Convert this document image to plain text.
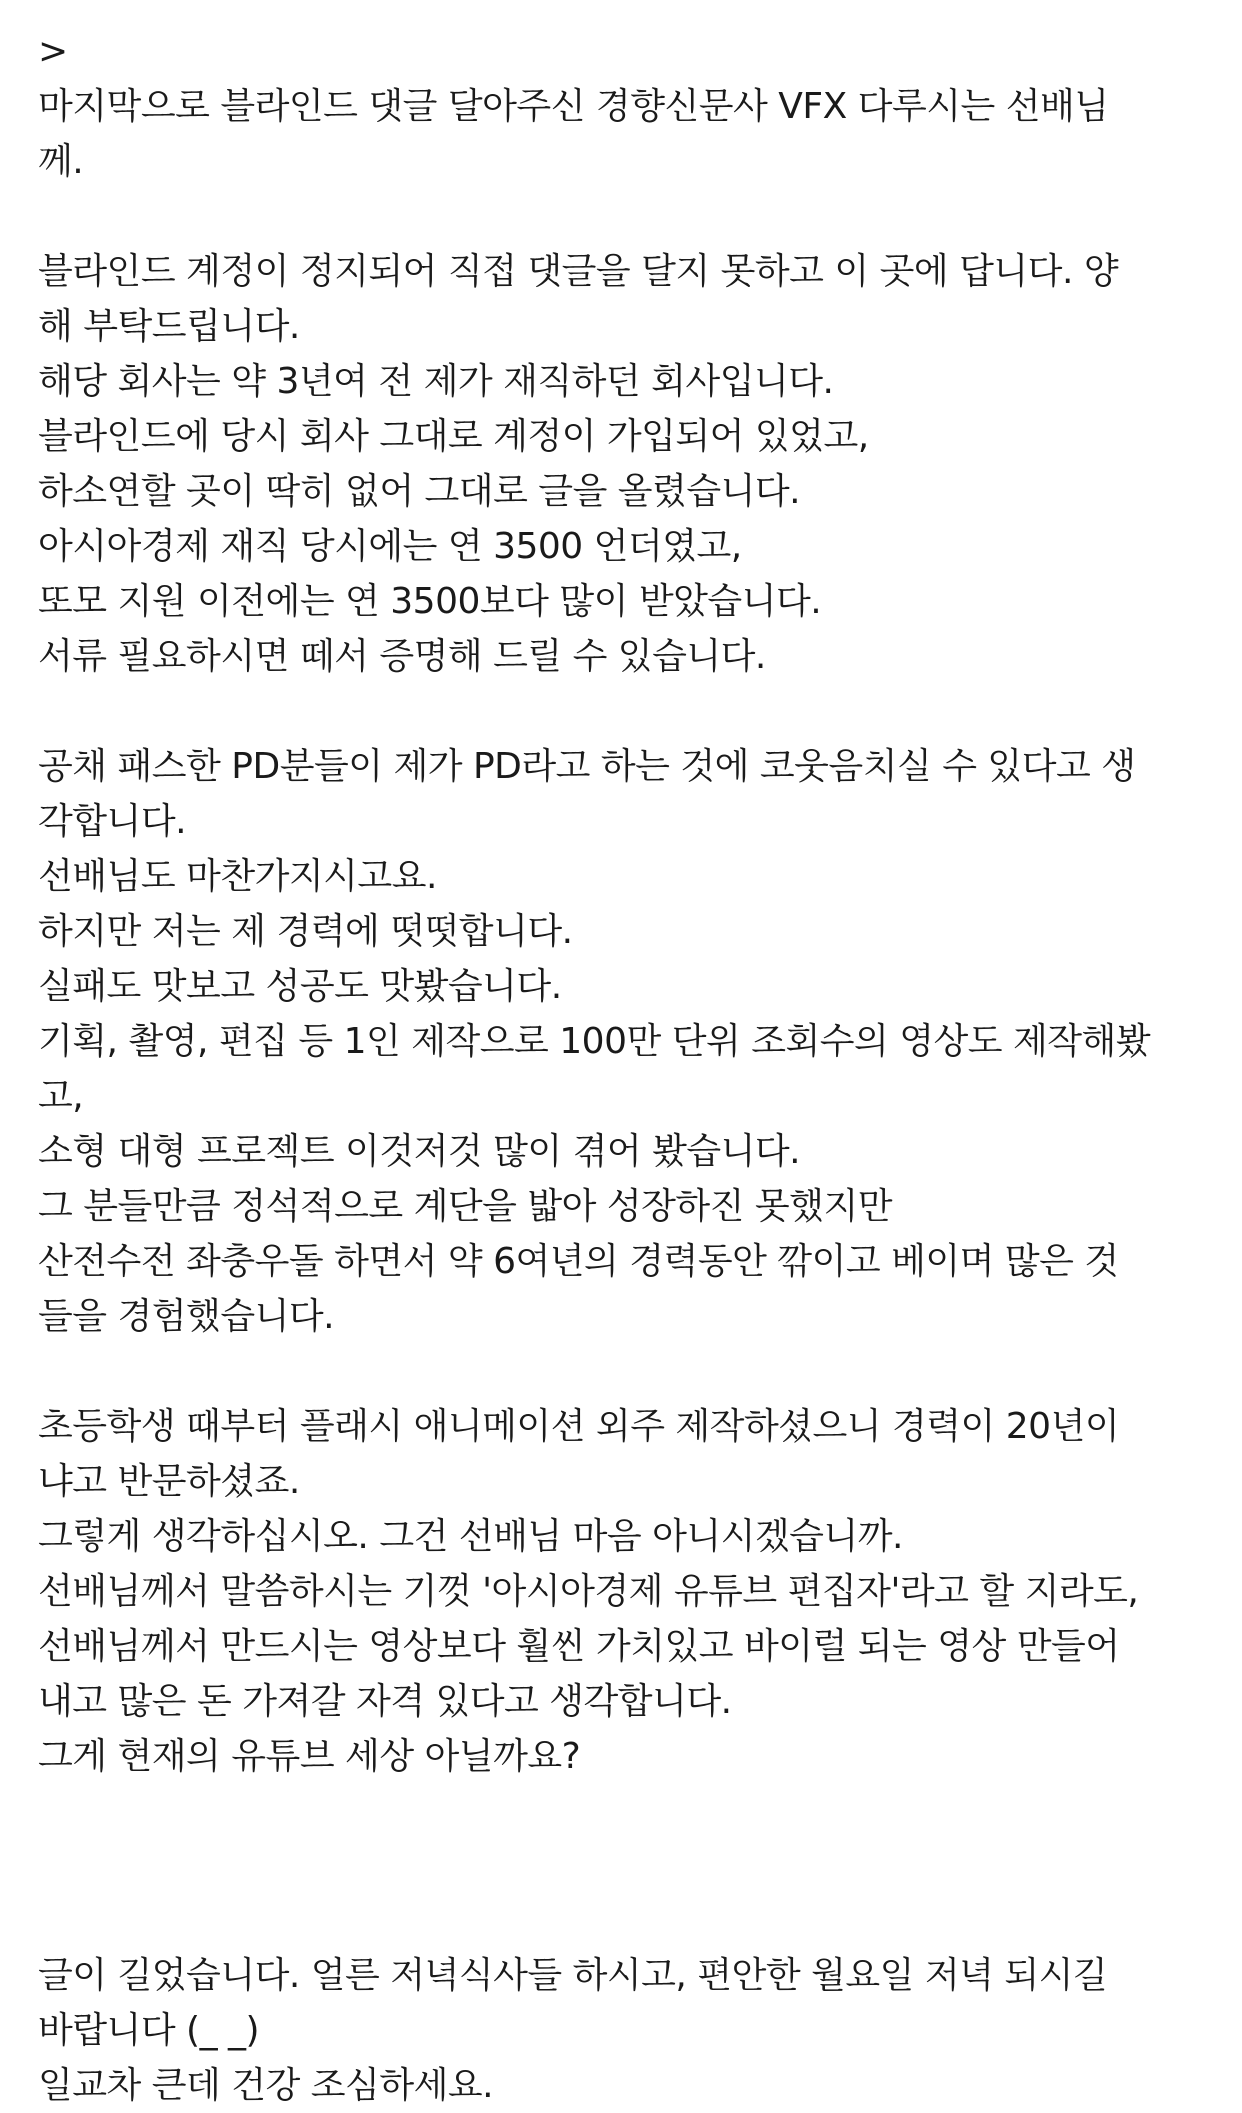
>
마지막으로 블라인드 댓글 달아주신 경향신문사 VFX 다루시는 선배님
께.
블라인드 계정이 정지되어 직접 댓글을 달지 못하고 이 곳에 답니다. 양
해 부탁드립니다.
해당 회사는 약 3년여 전 제가 재직하던 회사입니다.
블라인드에 당시 회사 그대로 계정이 가입되어 있었고,
하소연할 곳이 딱히 없어 그대로 글을 올렸습니다.
아시아경제 재직 당시에는 연 3500 언더였고,
또모 지원 이전에는 연 3500보다 많이 받았습니다.
서류 필요하시면 떼서 증명해 드릴 수 있습니다.
공채 패스한 PD분들이 제가 PD라고 하는 것에 코웃음치실 수 있다고 생
각합니다.
선배님도 마찬가지시고요.
하지만 저는 제 경력에 떳떳합니다.
실패도 맛보고 성공도 맛봤습니다.
기획, 촬영, 편집 등 1인 제작으로 100만 단위 조회수의 영상도 제작해봤
고,
소형 대형 프로젝트 이것저것 많이 겪어 봤습니다.
그 분들만큼 정석적으로 계단을 밟아 성장하진 못했지만
산전수전 좌충우돌 하면서 약 6여년의 경력동안 깎이고 베이며 많은 것
들을 경험했습니다.
초등학생 때부터 플래시 애니메이션 외주 제작하셨으니 경력이 20년이
냐고 반문하셨죠.
그렇게 생각하십시오. 그건 선배님 마음 아니시겠습니까.
선배님께서 말씀하시는 기껏 '아시아경제 유튜브 편집자'라고 할 지라도,
선배님께서 만드시는 영상보다 훨씬 가치있고 바이럴 되는 영상 만들어
내고 많은 돈 가져갈 자격 있다고 생각합니다.
그게 현재의 유튜브 세상 아닐까요?
글이 길었습니다. 얼른 저녁식사들 하시고, 편안한 월요일 저녁 되시길
바랍니다 (_ _)
일교차 큰데 건강 조심하세요.
